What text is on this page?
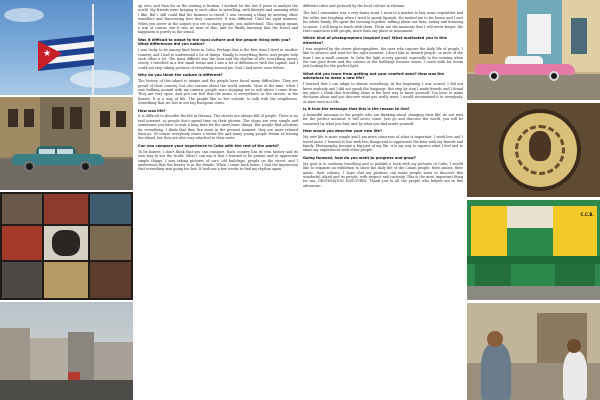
★

up over, and then for us the waiting is broken. I worked for the last 4 years in analyze the world. My friends were keeping to each other in travelling, with lifestyle and meaning what I like. But I still could find the moment to travel. I was crossing a thing by meeting other travellers and discovering how they connected. It was different. Until the right moment. When you arrive at the airport you see so many people, you understand. This simply means a trip of course, but it was no time of this, and we finally knowing that the travel and happiness is purely in the sound.

Was it difficult to adapt to the local culture and the people living with you? What differences did you notice?

I was lucky to be among kind hosts in Cuba. Perhaps this is the first time I lived in another country, and I had to understand a lot of things. Family is everything there, and people help each other a lot. The most difficult was the heat and the rhythm of life, everything moves slowly. I travelled in a few small towns and I saw a lot of differences with the capital, and I could not stop taking pictures of everything around me, that I had never seen before.

Why do you think the culture is different?

The history of this island is unique and the people have faced many difficulties. They are proud of their country, but also curious about the world outside. Most of the time, when I was walking around with my camera, people were stopping me to ask where I came from. They are very open. And you can feel that the music is everywhere, in the streets, in the houses. It is a way of life. The people like to live outside, to talk with the neighbours. Something that we lost in our big European cities.

How was life?

It is difficult to describe the life in Havana. The streets are always full of people. There is no real internet, so people don't spend time on their phones. The shops are very simple and sometimes you have to wait a long time for the most basic things. But people find solutions for everything. I think that they live more in the present moment, they are more relaxed than us. Of course everybody wants a better life and many young people dream of leaving the island, but they are also very attached to their roots.

Can you compare your experience in Cuba with the rest of the world?

To be honest, I don't think that you can compare. Each country has its own history and its own way to see the world. What I can say is that I learned to be patient and to appreciate simple things. I was taking pictures of cars, old buildings, people on the street, and I understood that the beauty is in the details. When I came back home, I had the impression that everything was going too fast. It took me a few weeks to find my rhythm again.

different cities and pictured by the local culture in Havana.

The last I remember was a very funny story. I went to a market to buy some vegetables and the seller was laughing when I tried to speak Spanish. He invited me to his house and I met his whole family. We spent the evening together, talking about our lives, eating and listening to music. I still keep in touch with them. Those are the moments that I will never forget, the real connection with people, more than any place or monument.

Which kind of photographers inspired you? What motivated you in this direction?

I was inspired by the street photographers, the ones who capture the daily life of people. I like to observe and wait for the right moment. I don't like to disturb people, so most of the time I use a small camera. In Cuba the light is very special, especially in the evening when the sun goes down and the colours of the buildings become warm. I could walk for hours just looking for the perfect light.

What did you learn from getting out your comfort zone? How was the adventure to make a new life?

I learned that I can adapt to almost everything. At the beginning I was scared, I did not know anybody and I did not speak the language. But step by step I made friends and I found my place. I think that travelling alone is the best way to know yourself. You have to make decisions alone and you discover what you really want. I would recommend it to everybody, at least once in a life.

Is it true the message that this is the reason to live?

A beautiful message to the people who are thinking about changing their life: do not wait for the perfect moment, it will never come. Just go and discover the world, you will be surprised by what you find, and by what you find inside yourself.

How would you describe your new life?

My new life is more simple and I am more conscious of what is important. I work less and I travel more. I learned to live with less things and to appreciate the time with my friends and family. Photography became a big part of my life, it is my way to express what I feel and to share my experiences with other people.

Going forward, how do you want to progress and grow?

My goal is to continue travelling and to publish a book with my pictures of Cuba. I would like to organize an exhibition to show the daily life of the Cuban people, their smiles, their music, their colours. I hope that my pictures can make people want to discover this wonderful island and its people, with respect and curiosity. This is the most important thing for me: DESTINATION DISCOVERY. Thank you to all the people who helped me in this adventure.

C.C.B.
